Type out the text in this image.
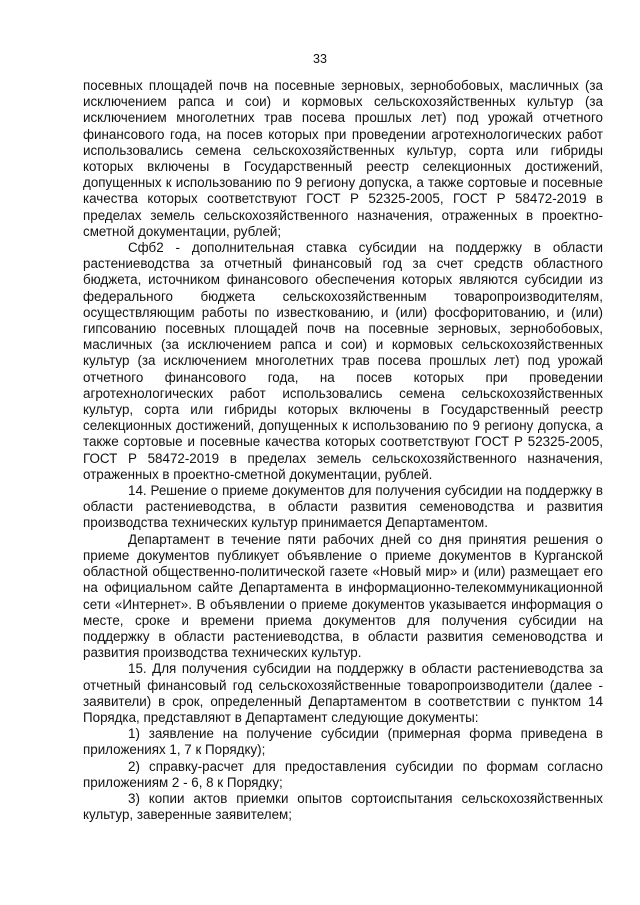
33

посевных площадей почв на посевные зерновых, зернобобовых, масличных (за исключением рапса и сои) и кормовых сельскохозяйственных культур (за исключением многолетних трав посева прошлых лет) под урожай отчетного финансового года, на посев которых при проведении агротехнологических работ использовались семена сельскохозяйственных культур, сорта или гибриды которых включены в Государственный реестр селекционных достижений, допущенных к использованию по 9 региону допуска, а также сортовые и посевные качества которых соответствуют ГОСТ Р 52325-2005, ГОСТ Р 58472-2019 в пределах земель сельскохозяйственного назначения, отраженных в проектно-сметной документации, рублей;

Сфб2 - дополнительная ставка субсидии на поддержку в области растениеводства за отчетный финансовый год за счет средств областного бюджета, источником финансового обеспечения которых являются субсидии из федерального бюджета сельскохозяйственным товаропроизводителям, осуществляющим работы по известкованию, и (или) фосфоритованию, и (или) гипсованию посевных площадей почв на посевные зерновых, зернобобовых, масличных (за исключением рапса и сои) и кормовых сельскохозяйственных культур (за исключением многолетних трав посева прошлых лет) под урожай отчетного финансового года, на посев которых при проведении агротехнологических работ использовались семена сельскохозяйственных культур, сорта или гибриды которых включены в Государственный реестр селекционных достижений, допущенных к использованию по 9 региону допуска, а также сортовые и посевные качества которых соответствуют ГОСТ Р 52325-2005, ГОСТ Р 58472-2019 в пределах земель сельскохозяйственного назначения, отраженных в проектно-сметной документации, рублей.

14. Решение о приеме документов для получения субсидии на поддержку в области растениеводства, в области развития семеноводства и развития производства технических культур принимается Департаментом.

Департамент в течение пяти рабочих дней со дня принятия решения о приеме документов публикует объявление о приеме документов в Курганской областной общественно-политической газете «Новый мир» и (или) размещает его на официальном сайте Департамента в информационно-телекоммуникационной сети «Интернет». В объявлении о приеме документов указывается информация о месте, сроке и времени приема документов для получения субсидии на поддержку в области растениеводства, в области развития семеноводства и развития производства технических культур.

15. Для получения субсидии на поддержку в области растениеводства за отчетный финансовый год сельскохозяйственные товаропроизводители (далее - заявители) в срок, определенный Департаментом в соответствии с пунктом 14 Порядка, представляют в Департамент следующие документы:

1) заявление на получение субсидии (примерная форма приведена в приложениях 1, 7 к Порядку);

2) справку-расчет для предоставления субсидии по формам согласно приложениям 2 - 6, 8 к Порядку;

3) копии актов приемки опытов сортоиспытания сельскохозяйственных культур, заверенные заявителем;
